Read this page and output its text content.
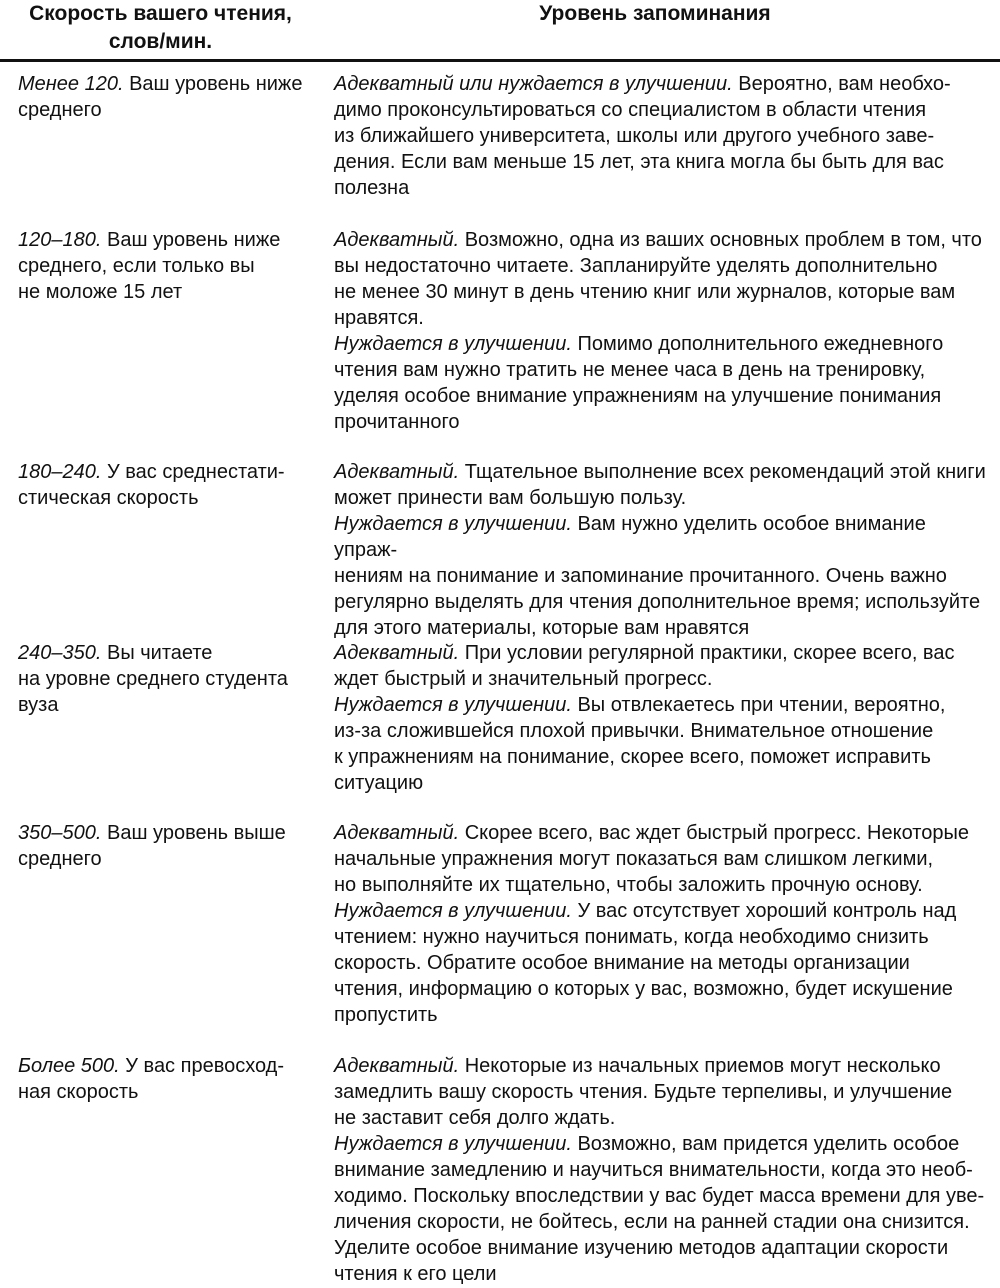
Скорость вашего чтения,
слов/мин.
Уровень запоминания
Менее 120. Ваш уровень ниже
среднего
Адекватный или нуждается в улучшении. Вероятно, вам необхо-
димо проконсультироваться со специалистом в области чтения
из ближайшего университета, школы или другого учебного заве-
дения. Если вам меньше 15 лет, эта книга могла бы быть для вас
полезна
120–180. Ваш уровень ниже
среднего, если только вы
не моложе 15 лет
Адекватный. Возможно, одна из ваших основных проблем в том, что
вы недостаточно читаете. Запланируйте уделять дополнительно
не менее 30 минут в день чтению книг или журналов, которые вам
нравятся.
Нуждается в улучшении. Помимо дополнительного ежедневного
чтения вам нужно тратить не менее часа в день на тренировку,
уделяя особое внимание упражнениям на улучшение понимания
прочитанного
180–240. У вас среднестати-
стическая скорость
Адекватный. Тщательное выполнение всех рекомендаций этой книги
может принести вам большую пользу.
Нуждается в улучшении. Вам нужно уделить особое внимание упраж-
нениям на понимание и запоминание прочитанного. Очень важно
регулярно выделять для чтения дополнительное время; используйте
для этого материалы, которые вам нравятся
240–350. Вы читаете
на уровне среднего студента
вуза
Адекватный. При условии регулярной практики, скорее всего, вас
ждет быстрый и значительный прогресс.
Нуждается в улучшении. Вы отвлекаетесь при чтении, вероятно,
из-за сложившейся плохой привычки. Внимательное отношение
к упражнениям на понимание, скорее всего, поможет исправить
ситуацию
350–500. Ваш уровень выше
среднего
Адекватный. Скорее всего, вас ждет быстрый прогресс. Некоторые
начальные упражнения могут показаться вам слишком легкими,
но выполняйте их тщательно, чтобы заложить прочную основу.
Нуждается в улучшении. У вас отсутствует хороший контроль над
чтением: нужно научиться понимать, когда необходимо снизить
скорость. Обратите особое внимание на методы организации
чтения, информацию о которых у вас, возможно, будет искушение
пропустить
Более 500. У вас превосход-
ная скорость
Адекватный. Некоторые из начальных приемов могут несколько
замедлить вашу скорость чтения. Будьте терпеливы, и улучшение
не заставит себя долго ждать.
Нуждается в улучшении. Возможно, вам придется уделить особое
внимание замедлению и научиться внимательности, когда это необ-
ходимо. Поскольку впоследствии у вас будет масса времени для уве-
личения скорости, не бойтесь, если на ранней стадии она снизится.
Уделите особое внимание изучению методов адаптации скорости
чтения к его цели
